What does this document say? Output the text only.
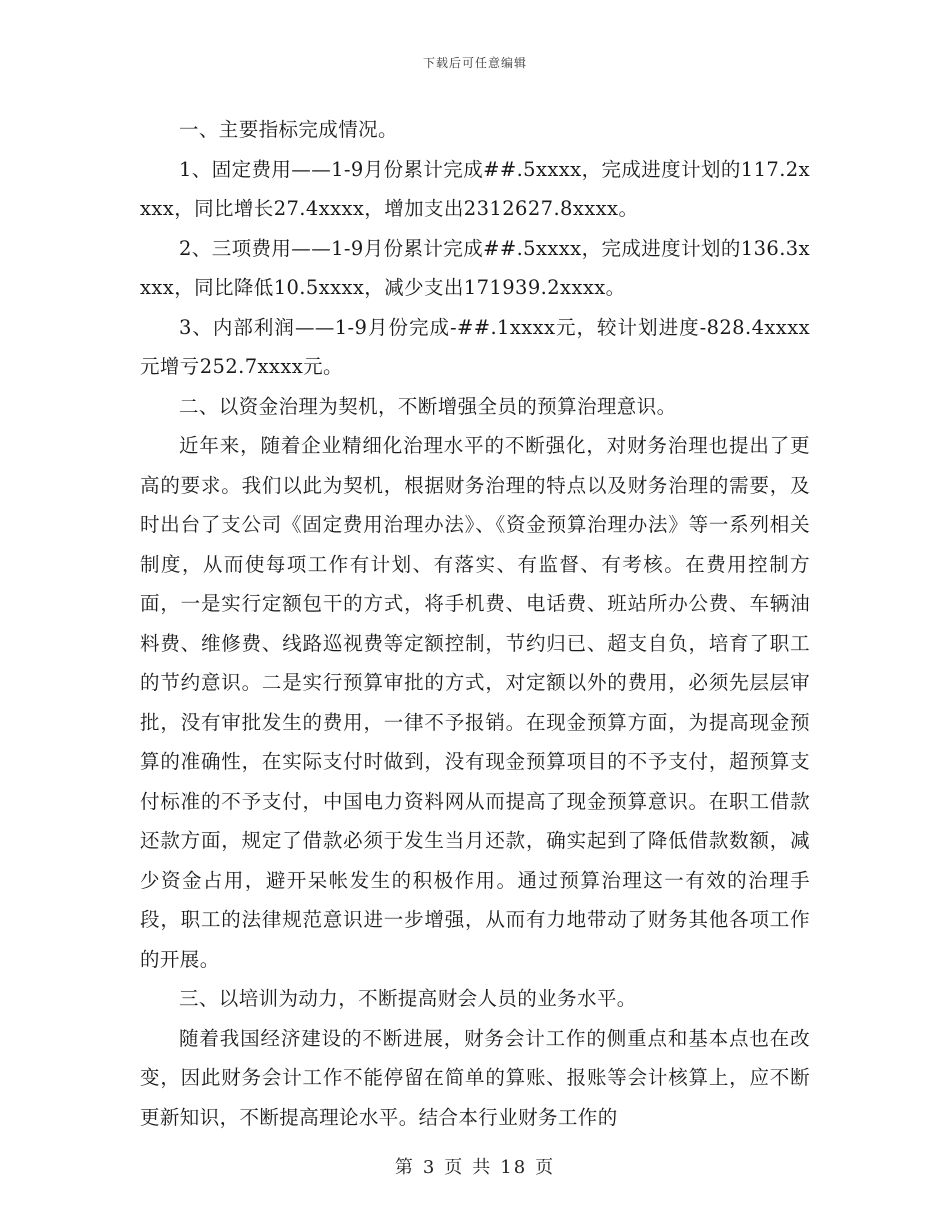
下载后可任意编辑

一、主要指标完成情况。

1、固定费用——1-9月份累计完成##.5xxxx，完成进度计划的117.2xxxx，同比增长27.4xxxx，增加支出2312627.8xxxx。

2、三项费用——1-9月份累计完成##.5xxxx，完成进度计划的136.3xxxx，同比降低10.5xxxx，减少支出171939.2xxxx。

3、内部利润——1-9月份完成-##.1xxxx元，较计划进度-828.4xxxx元增亏252.7xxxx元。

二、以资金治理为契机，不断增强全员的预算治理意识。

近年来，随着企业精细化治理水平的不断强化，对财务治理也提出了更高的要求。我们以此为契机，根据财务治理的特点以及财务治理的需要，及时出台了支公司《固定费用治理办法》、《资金预算治理办法》等一系列相关制度，从而使每项工作有计划、有落实、有监督、有考核。在费用控制方面，一是实行定额包干的方式，将手机费、电话费、班站所办公费、车辆油料费、维修费、线路巡视费等定额控制，节约归已、超支自负，培育了职工的节约意识。二是实行预算审批的方式，对定额以外的费用，必须先层层审批，没有审批发生的费用，一律不予报销。在现金预算方面，为提高现金预算的准确性，在实际支付时做到，没有现金预算项目的不予支付，超预算支付标准的不予支付，中国电力资料网从而提高了现金预算意识。在职工借款还款方面，规定了借款必须于发生当月还款，确实起到了降低借款数额，减少资金占用，避开呆帐发生的积极作用。通过预算治理这一有效的治理手段，职工的法律规范意识进一步增强，从而有力地带动了财务其他各项工作的开展。

三、以培训为动力，不断提高财会人员的业务水平。

随着我国经济建设的不断进展，财务会计工作的侧重点和基本点也在改变，因此财务会计工作不能停留在简单的算账、报账等会计核算上，应不断更新知识，不断提高理论水平。结合本行业财务工作的

第 3 页 共 18 页
